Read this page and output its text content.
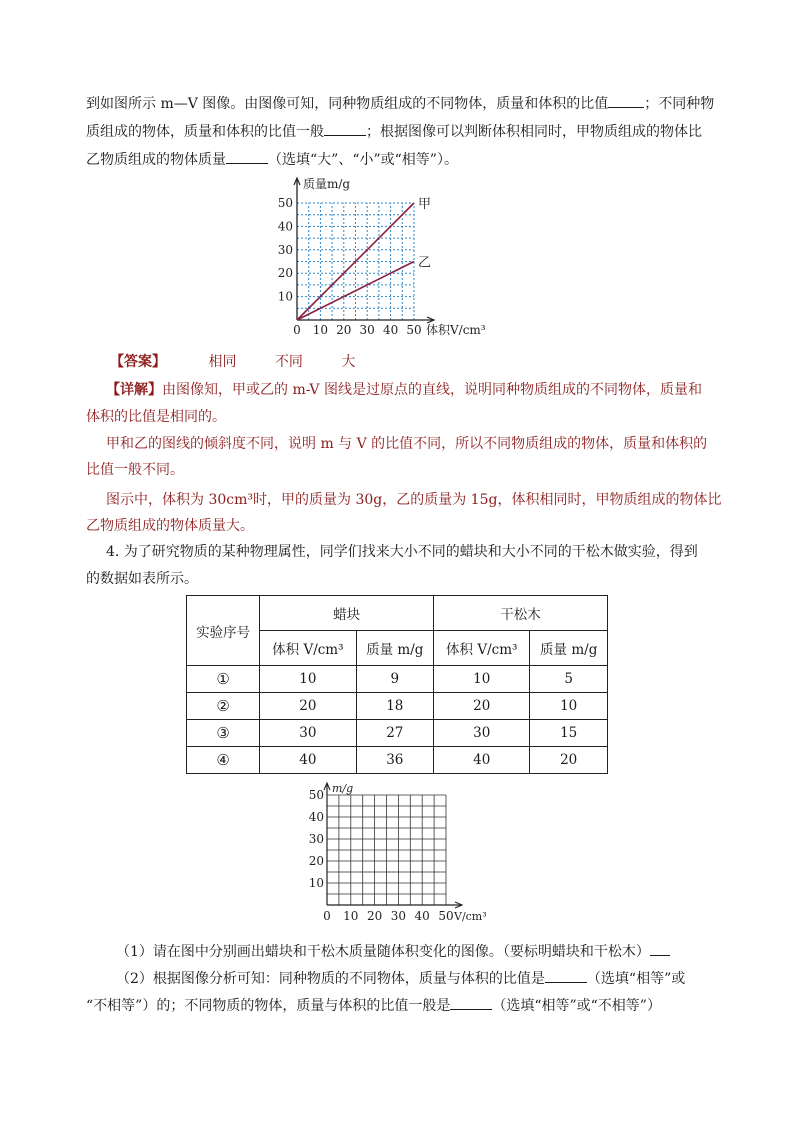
到如图所示 m—V 图像。由图像可知，同种物质组成的不同物体，质量和体积的比值	；不同种物
质组成的物体，质量和体积的比值一般	；根据图像可以判断体积相同时，甲物质组成的物体比
乙物质组成的物体质量	（选填“大”、“小”或“相等”）。
0 10 20 30 40 50
10
20
30
40
50
质量m/g
体积V/cm³
甲
乙
【答案】	相同	不同	大
【详解】由图像知，甲或乙的 m-V 图线是过原点的直线，说明同种物质组成的不同物体，质量和
体积的比值是相同的。
甲和乙的图线的倾斜度不同，说明 m 与 V 的比值不同，所以不同物质组成的物体，质量和体积的
比值一般不同。
图示中，体积为 30cm³时，甲的质量为 30g，乙的质量为 15g，体积相同时，甲物质组成的物体比
乙物质组成的物体质量大。
4. 为了研究物质的某种物理属性，同学们找来大小不同的蜡块和大小不同的干松木做实验，得到
的数据如表所示。
实验序号	蜡块		干松木	
	体积 V/cm³	质量 m/g	体积 V/cm³	质量 m/g
①	10	9	10	5
②	20	18	20	10
③	30	27	30	15
④	40	36	40	20
0 10 20 30 40 50
10
20
30
40
50 m/g
V/cm³
（1）请在图中分别画出蜡块和干松木质量随体积变化的图像。（要标明蜡块和干松木）
（2）根据图像分析可知：同种物质的不同物体，质量与体积的比值是	（选填“相等”或
“不相等”）的；不同物质的物体，质量与体积的比值一般是	（选填“相等”或“不相等”）
